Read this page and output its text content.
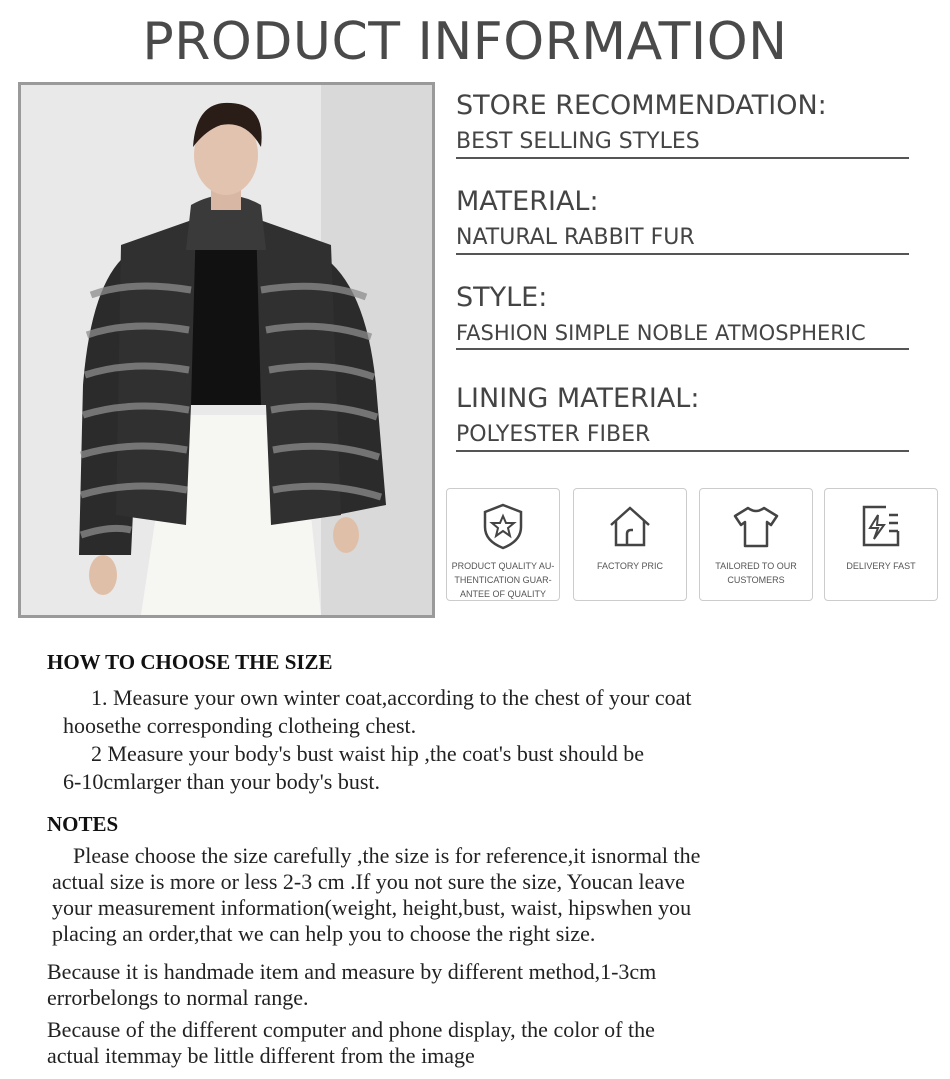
PRODUCT INFORMATION
STORE RECOMMENDATION:
BEST SELLING STYLES
MATERIAL:
NATURAL RABBIT FUR
STYLE:
FASHION SIMPLE NOBLE ATMOSPHERIC
LINING MATERIAL:
POLYESTER FIBER
PRODUCT QUALITY AU-
THENTICATION GUAR-
ANTEE OF QUALITY
FACTORY PRIC	TAILORED TO OUR
CUSTOMERS
DELIVERY FAST
HOW TO CHOOSE THE SIZE
1. Measure your own winter coat,according to the chest of your coat
hoosethe corresponding clotheing chest.
2 Measure your body's bust waist hip ,the coat's bust should be
6-10cmlarger than your body's bust.
NOTES
Please choose the size carefully ,the size is for reference,it isnormal the
actual size is more or less 2-3 cm .If you not sure the size, Youcan leave
your measurement information(weight, height,bust, waist, hipswhen you
placing an order,that we can help you to choose the right size.
Because it is handmade item and measure by different method,1-3cm
errorbelongs to normal range.
Because of the different computer and phone display, the color of the
actual itemmay be little different from the image
